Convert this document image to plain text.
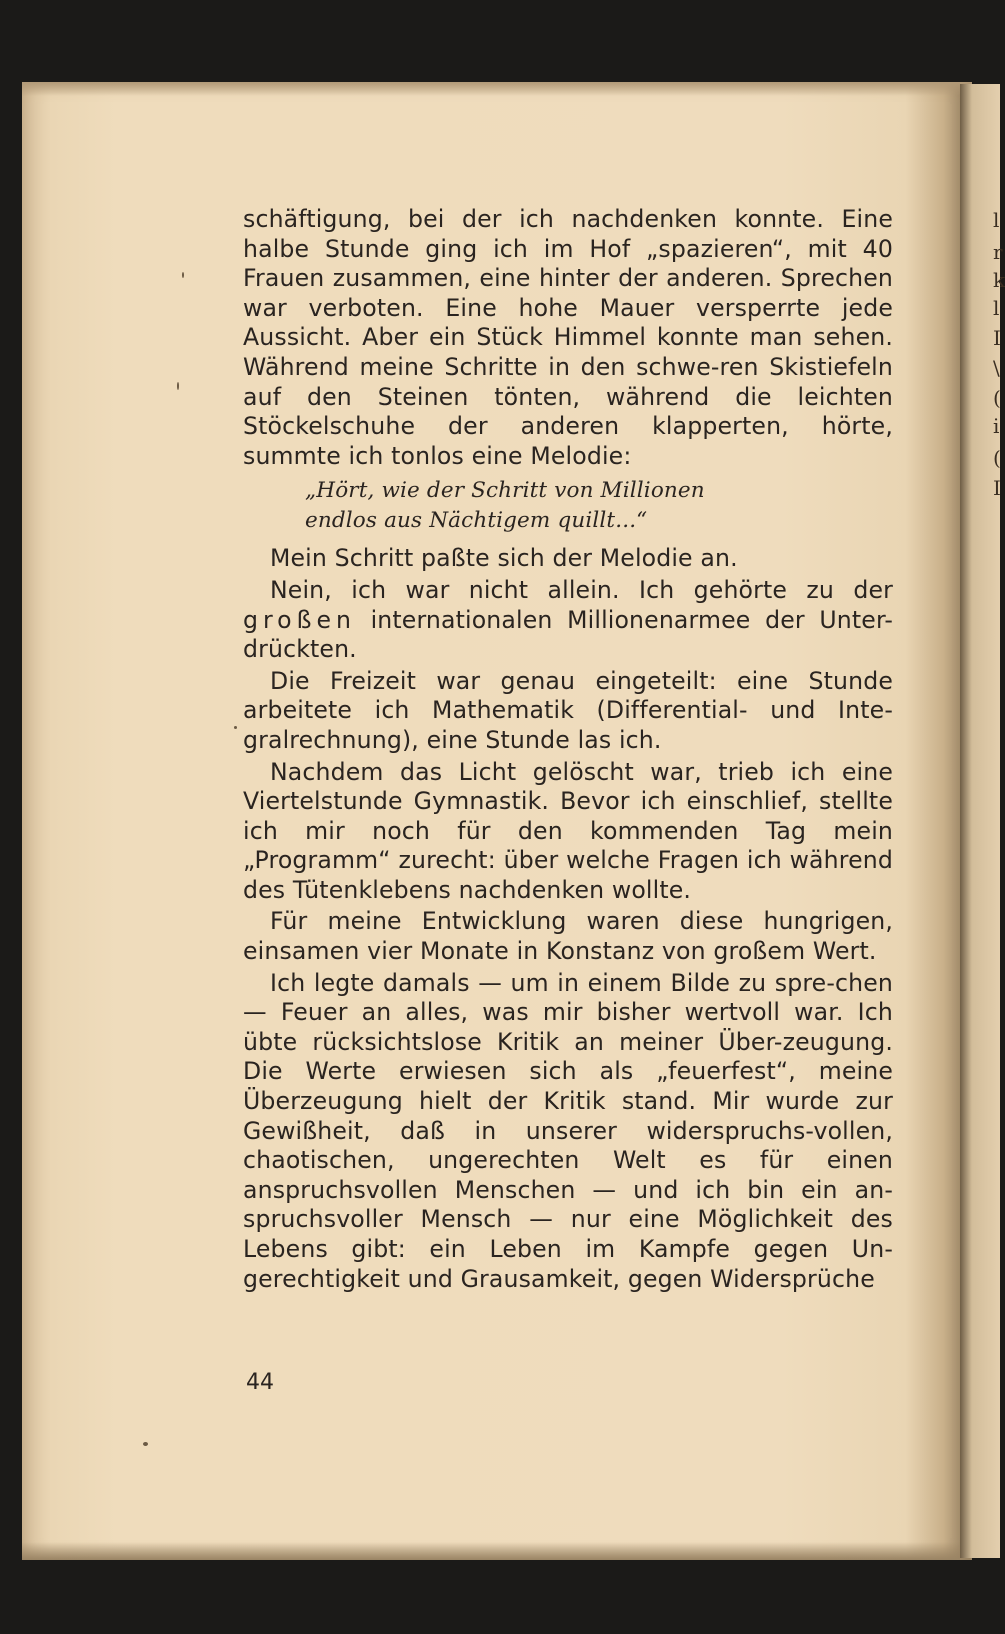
l
r
k
l
I
\
(
i
(
I

schäftigung, bei der ich nachdenken konnte. Eine halbe Stunde ging ich im Hof „spazieren“, mit 40 Frauen zusammen, eine hinter der anderen. Sprechen war verboten. Eine hohe Mauer versperrte jede Aussicht. Aber ein Stück Himmel konnte man sehen. Während meine Schritte in den schwe-ren Skistiefeln auf den Steinen tönten, während die leichten Stöckelschuhe der anderen klapperten, hörte, summte ich tonlos eine Melodie:

„Hört, wie der Schritt von Millionen
endlos aus Nächtigem quillt...“

Mein Schritt paßte sich der Melodie an.

Nein, ich war nicht allein. Ich gehörte zu der großen internationalen Millionenarmee der Unter-drückten.

Die Freizeit war genau eingeteilt: eine Stunde arbeitete ich Mathematik (Differential- und Inte-gralrechnung), eine Stunde las ich.

Nachdem das Licht gelöscht war, trieb ich eine Viertelstunde Gymnastik. Bevor ich einschlief, stellte ich mir noch für den kommenden Tag mein „Programm“ zurecht: über welche Fragen ich während des Tütenklebens nachdenken wollte.

Für meine Entwicklung waren diese hungrigen, einsamen vier Monate in Konstanz von großem Wert.

Ich legte damals — um in einem Bilde zu spre-chen — Feuer an alles, was mir bisher wertvoll war. Ich übte rücksichtslose Kritik an meiner Über-zeugung. Die Werte erwiesen sich als „feuerfest“, meine Überzeugung hielt der Kritik stand. Mir wurde zur Gewißheit, daß in unserer widerspruchs-vollen, chaotischen, ungerechten Welt es für einen anspruchsvollen Menschen — und ich bin ein an-spruchsvoller Mensch — nur eine Möglichkeit des Lebens gibt: ein Leben im Kampfe gegen Un-gerechtigkeit und Grausamkeit, gegen Widersprüche

44
